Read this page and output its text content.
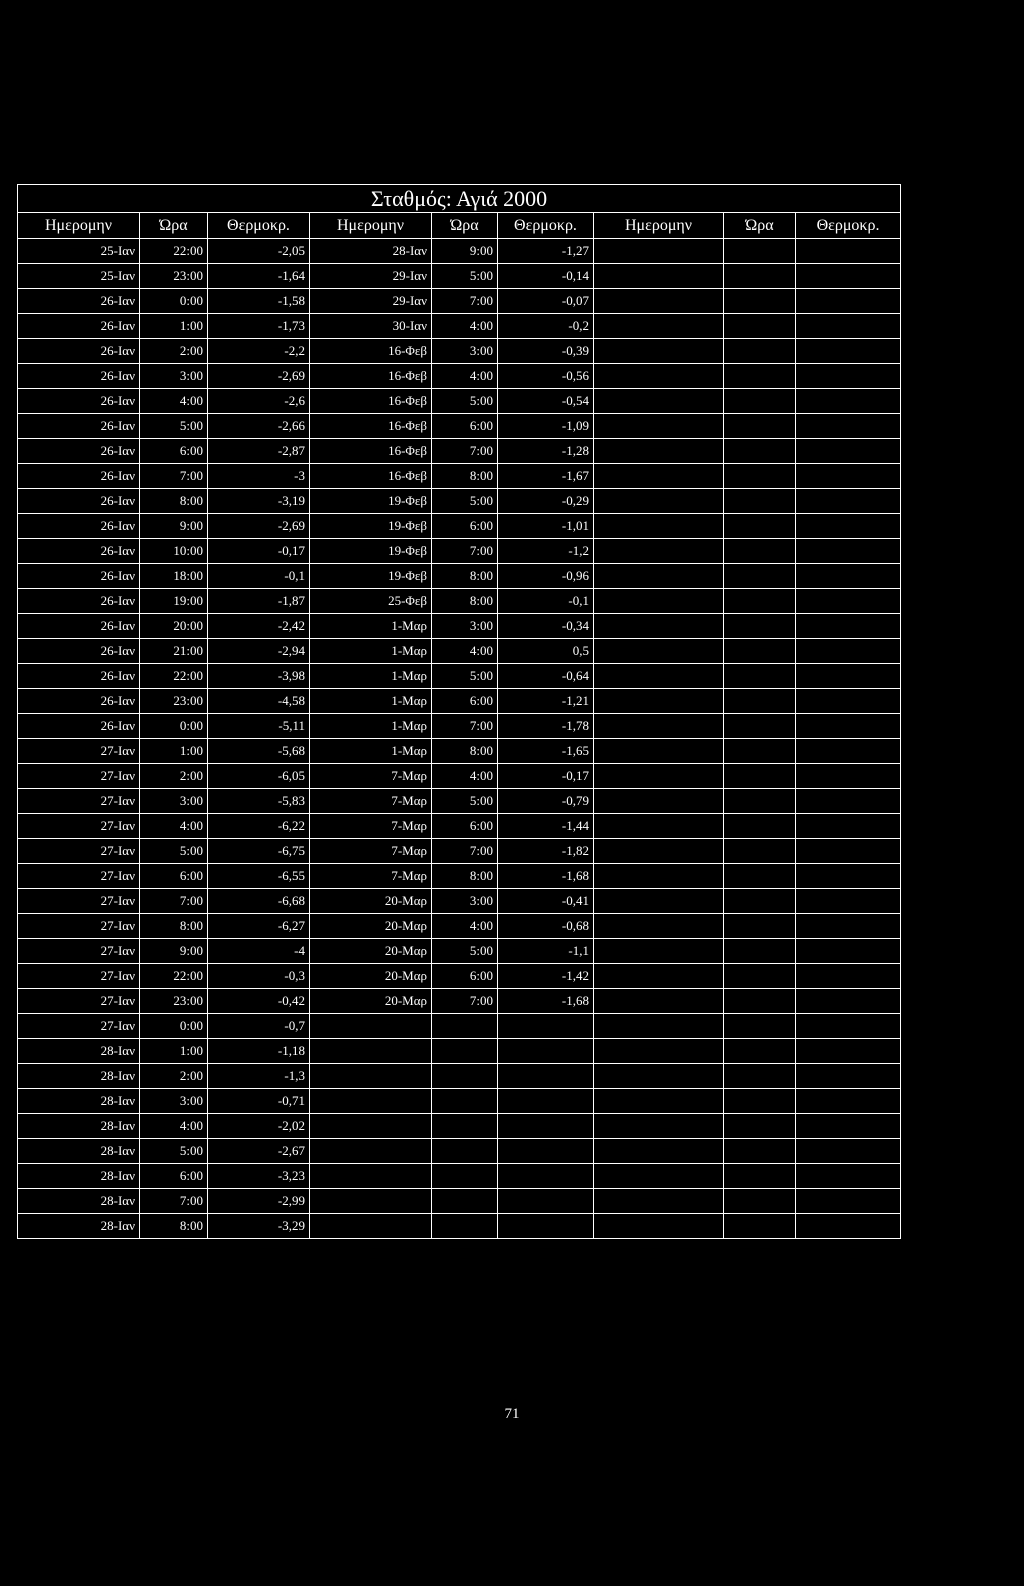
Σταθμός: Αγιά 2000								
Ημερομην	Ώρα	Θερμοκρ.	Ημερομην	Ώρα	Θερμοκρ.	Ημερομην	Ώρα	Θερμοκρ.
25-Ιαν	22:00	-2,05	28-Ιαν	9:00	-1,27			
25-Ιαν	23:00	-1,64	29-Ιαν	5:00	-0,14			
26-Ιαν	0:00	-1,58	29-Ιαν	7:00	-0,07			
26-Ιαν	1:00	-1,73	30-Ιαν	4:00	-0,2			
26-Ιαν	2:00	-2,2	16-Φεβ	3:00	-0,39			
26-Ιαν	3:00	-2,69	16-Φεβ	4:00	-0,56			
26-Ιαν	4:00	-2,6	16-Φεβ	5:00	-0,54			
26-Ιαν	5:00	-2,66	16-Φεβ	6:00	-1,09			
26-Ιαν	6:00	-2,87	16-Φεβ	7:00	-1,28			
26-Ιαν	7:00	-3	16-Φεβ	8:00	-1,67			
26-Ιαν	8:00	-3,19	19-Φεβ	5:00	-0,29			
26-Ιαν	9:00	-2,69	19-Φεβ	6:00	-1,01			
26-Ιαν	10:00	-0,17	19-Φεβ	7:00	-1,2			
26-Ιαν	18:00	-0,1	19-Φεβ	8:00	-0,96			
26-Ιαν	19:00	-1,87	25-Φεβ	8:00	-0,1			
26-Ιαν	20:00	-2,42	1-Μαρ	3:00	-0,34			
26-Ιαν	21:00	-2,94	1-Μαρ	4:00	0,5			
26-Ιαν	22:00	-3,98	1-Μαρ	5:00	-0,64			
26-Ιαν	23:00	-4,58	1-Μαρ	6:00	-1,21			
26-Ιαν	0:00	-5,11	1-Μαρ	7:00	-1,78			
27-Ιαν	1:00	-5,68	1-Μαρ	8:00	-1,65			
27-Ιαν	2:00	-6,05	7-Μαρ	4:00	-0,17			
27-Ιαν	3:00	-5,83	7-Μαρ	5:00	-0,79			
27-Ιαν	4:00	-6,22	7-Μαρ	6:00	-1,44			
27-Ιαν	5:00	-6,75	7-Μαρ	7:00	-1,82			
27-Ιαν	6:00	-6,55	7-Μαρ	8:00	-1,68			
27-Ιαν	7:00	-6,68	20-Μαρ	3:00	-0,41			
27-Ιαν	8:00	-6,27	20-Μαρ	4:00	-0,68			
27-Ιαν	9:00	-4	20-Μαρ	5:00	-1,1			
27-Ιαν	22:00	-0,3	20-Μαρ	6:00	-1,42			
27-Ιαν	23:00	-0,42	20-Μαρ	7:00	-1,68			
27-Ιαν	0:00	-0,7						
28-Ιαν	1:00	-1,18						
28-Ιαν	2:00	-1,3						
28-Ιαν	3:00	-0,71						
28-Ιαν	4:00	-2,02						
28-Ιαν	5:00	-2,67						
28-Ιαν	6:00	-3,23						
28-Ιαν	7:00	-2,99						
28-Ιαν	8:00	-3,29						
71
